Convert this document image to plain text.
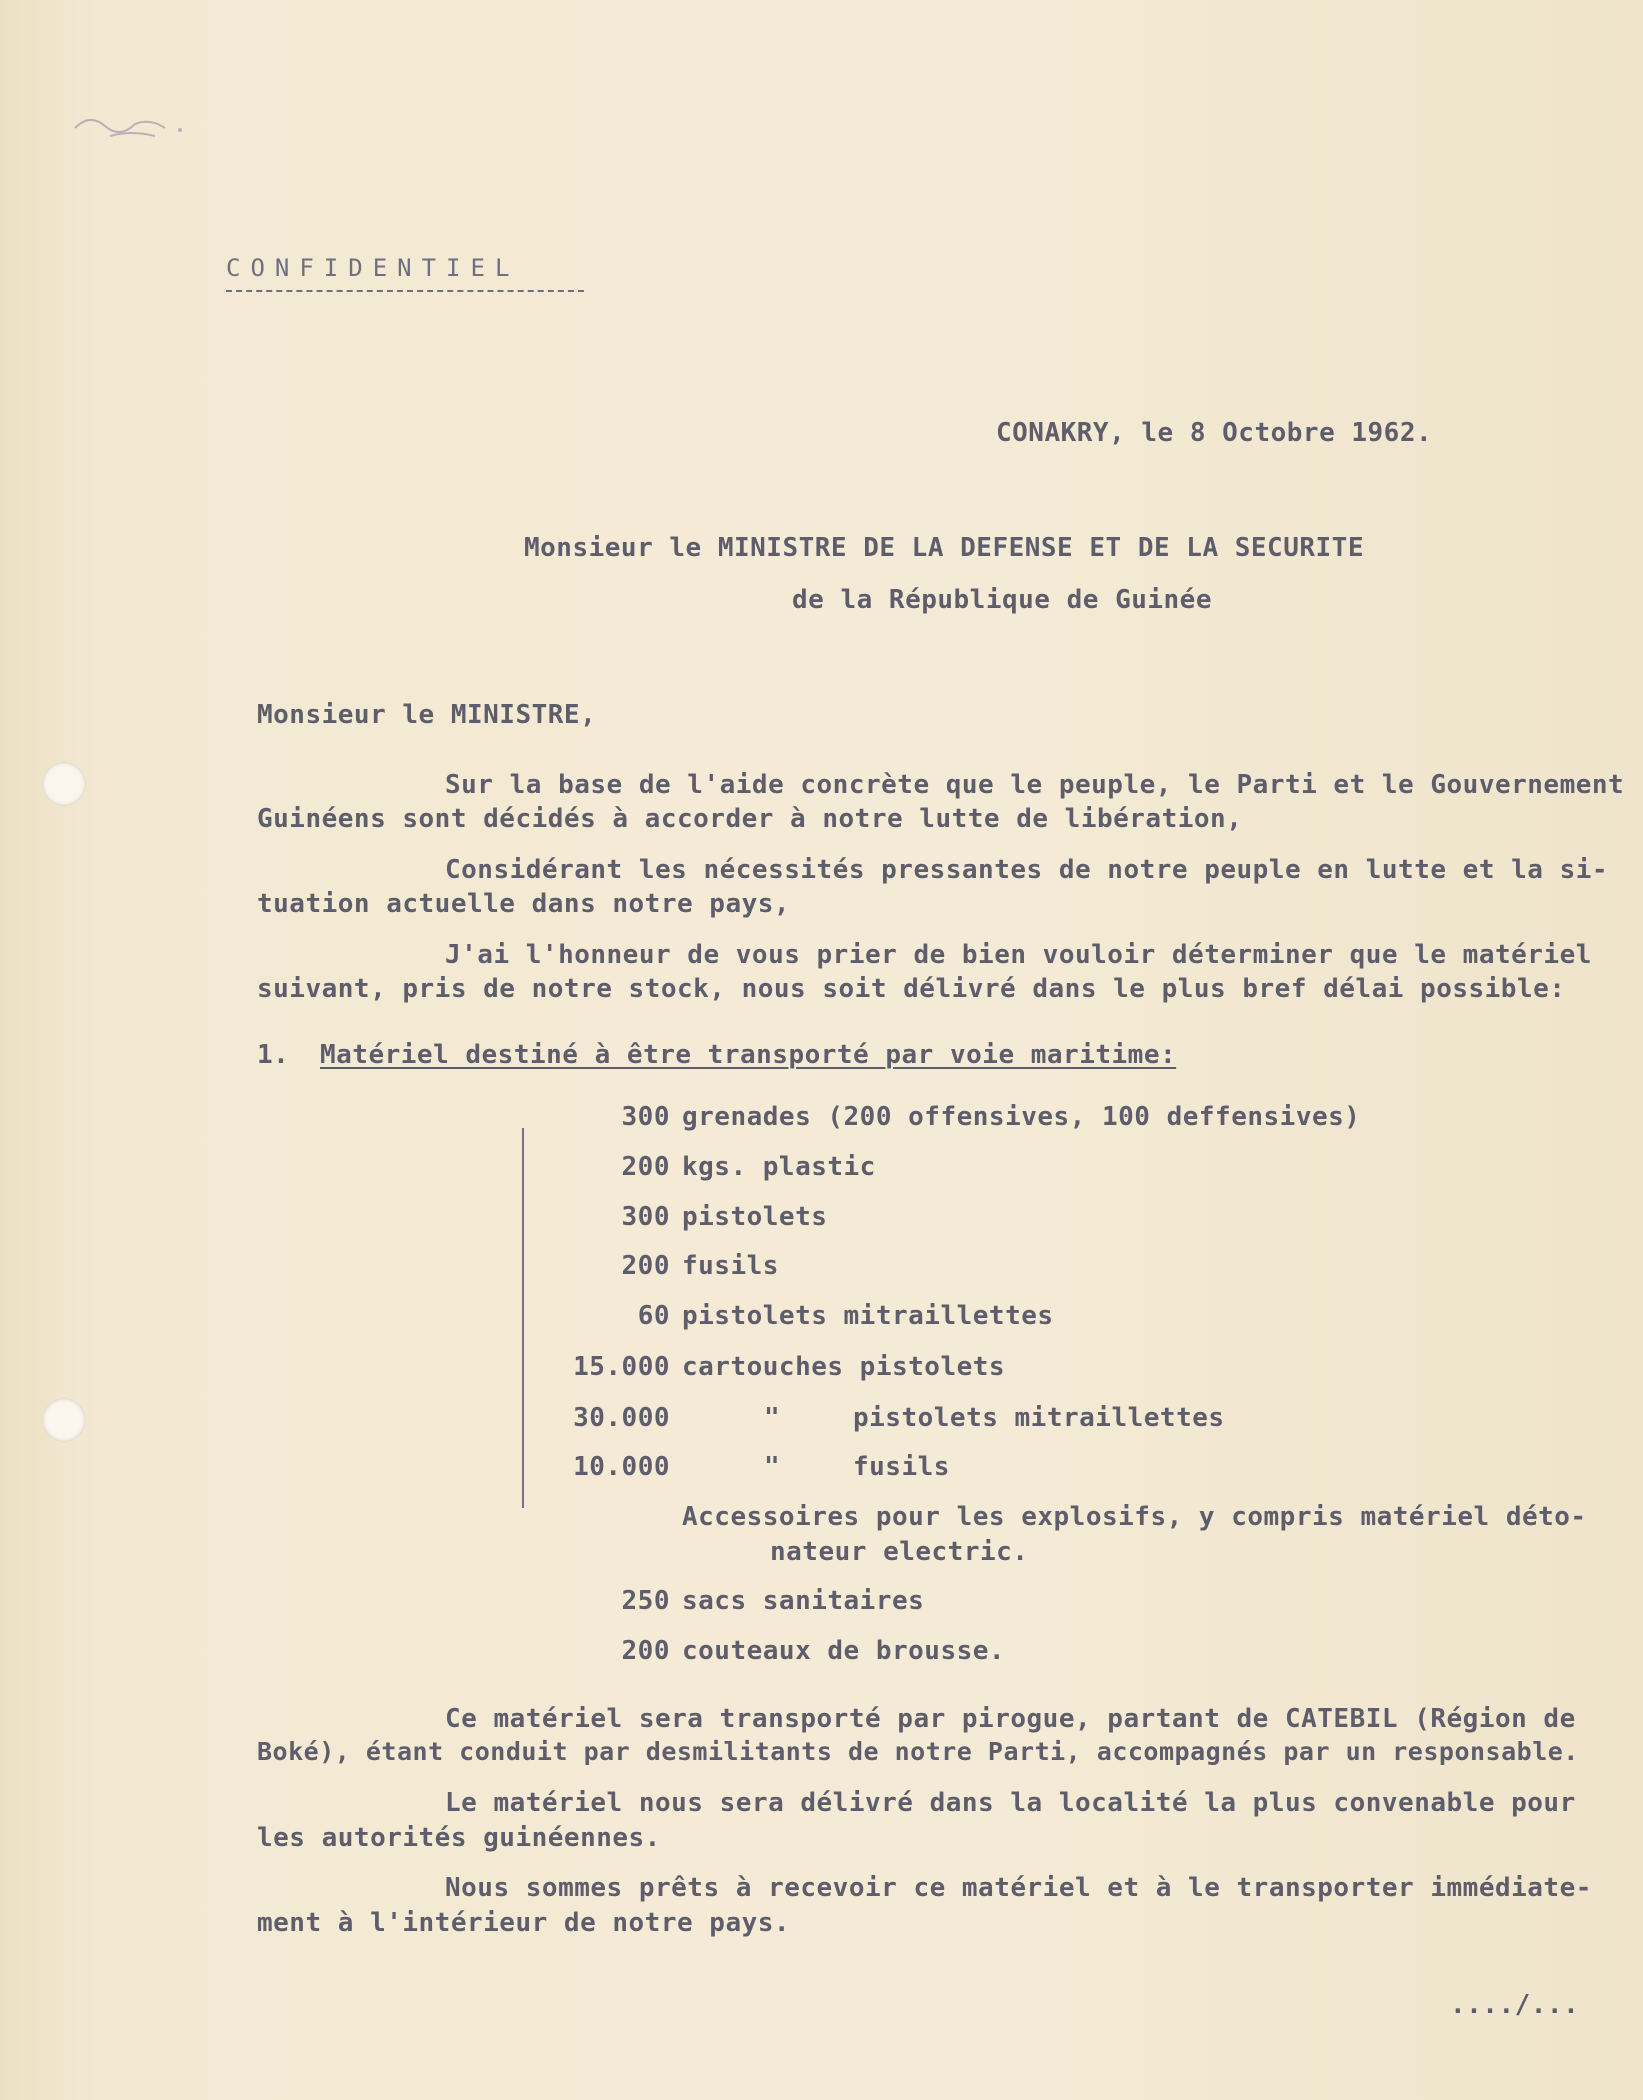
CONFIDENTIEL
CONAKRY, le 8 Octobre 1962.
Monsieur le MINISTRE DE LA DEFENSE ET DE LA SECURITE
de la République de Guinée
Monsieur le MINISTRE,
Sur la base de l'aide concrète que le peuple, le Parti et le Gouvernement
Guinéens sont décidés à accorder à notre lutte de libération,
Considérant les nécessités pressantes de notre peuple en lutte et la si-
tuation actuelle dans notre pays,
J'ai l'honneur de vous prier de bien vouloir déterminer que le matériel
suivant, pris de notre stock, nous soit délivré dans le plus bref délai possible:
1. Matériel destiné à être transporté par voie maritime:
300 grenades (200 offensives, 100 deffensives)
200 kgs. plastic
300 pistolets
200 fusils
60 pistolets mitraillettes
15.000 cartouches pistolets
30.000	"	pistolets mitraillettes
10.000	"	fusils
Accessoires pour les explosifs, y compris matériel déto-
nateur electric.
250 sacs sanitaires
200 couteaux de brousse.
Ce matériel sera transporté par pirogue, partant de CATEBIL (Région de
Boké), étant conduit par desmilitants de notre Parti, accompagnés par un responsable.
Le matériel nous sera délivré dans la localité la plus convenable pour
les autorités guinéennes.
Nous sommes prêts à recevoir ce matériel et à le transporter immédiate-
ment à l'intérieur de notre pays.
..../...
